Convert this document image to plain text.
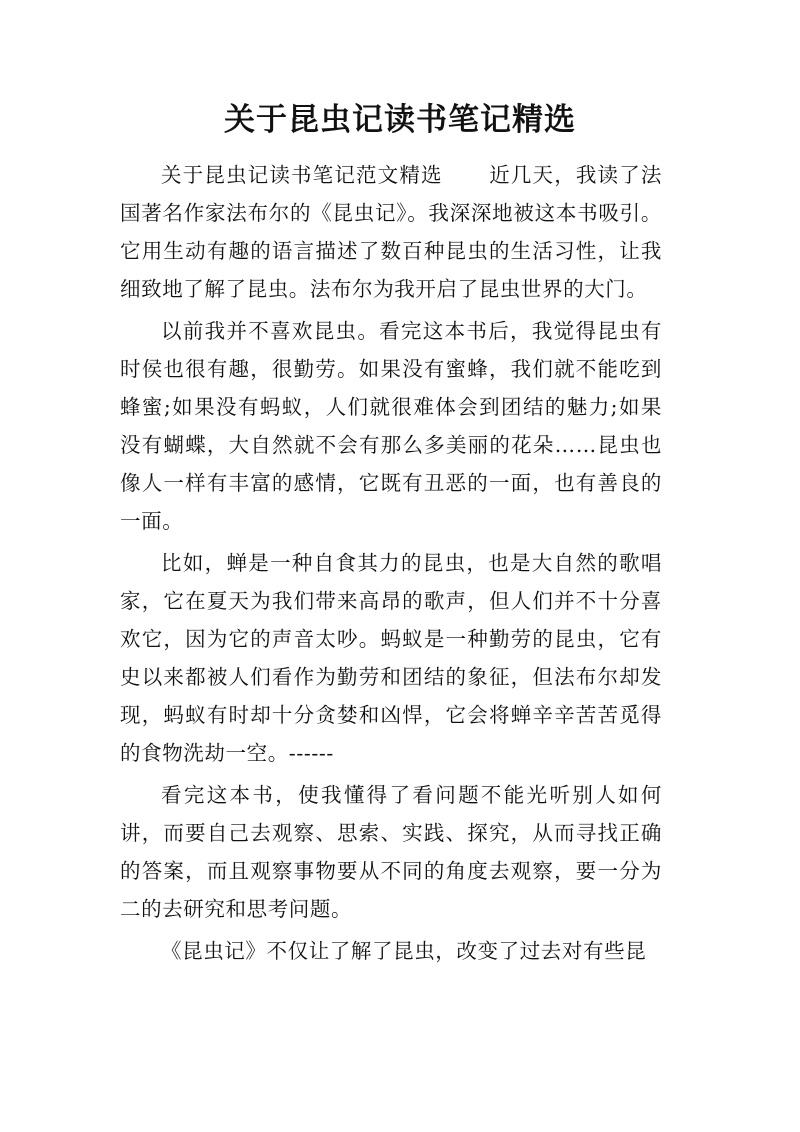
关于昆虫记读书笔记精选

关于昆虫记读书笔记范文精选 近几天，我读了法国著名作家法布尔的《昆虫记》。我深深地被这本书吸引。它用生动有趣的语言描述了数百种昆虫的生活习性，让我细致地了解了昆虫。法布尔为我开启了昆虫世界的大门。

以前我并不喜欢昆虫。看完这本书后，我觉得昆虫有时侯也很有趣，很勤劳。如果没有蜜蜂，我们就不能吃到蜂蜜;如果没有蚂蚁，人们就很难体会到团结的魅力;如果没有蝴蝶，大自然就不会有那么多美丽的花朵……昆虫也像人一样有丰富的感情，它既有丑恶的一面，也有善良的一面。

比如，蝉是一种自食其力的昆虫，也是大自然的歌唱家，它在夏天为我们带来高昂的歌声，但人们并不十分喜欢它，因为它的声音太吵。蚂蚁是一种勤劳的昆虫，它有史以来都被人们看作为勤劳和团结的象征，但法布尔却发现，蚂蚁有时却十分贪婪和凶悍，它会将蝉辛辛苦苦觅得的食物洗劫一空。------

看完这本书，使我懂得了看问题不能光听别人如何讲，而要自己去观察、思索、实践、探究，从而寻找正确的答案，而且观察事物要从不同的角度去观察，要一分为二的去研究和思考问题。

《昆虫记》不仅让了解了昆虫，改变了过去对有些昆
